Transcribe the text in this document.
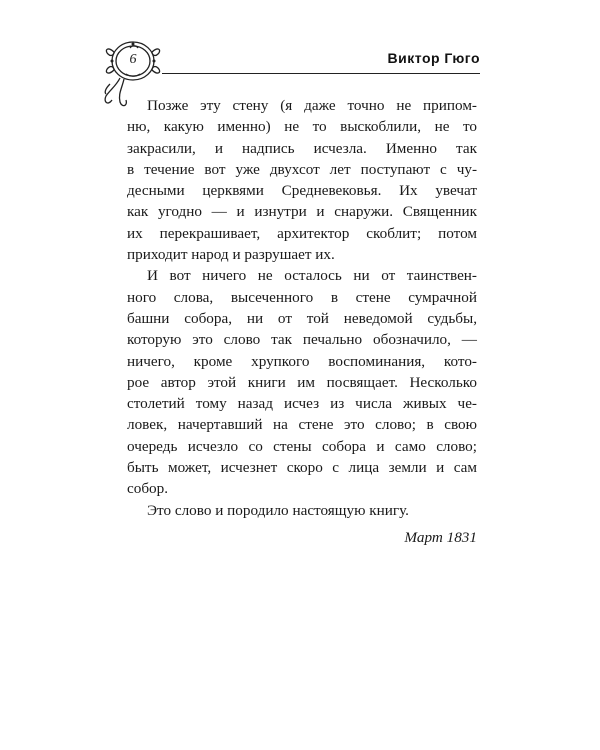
6	Виктор Гюго

Позже эту стену (я даже точно не припом-
ню, какую именно) не то выскоблили, не то
закрасили, и надпись исчезла. Именно так
в течение вот уже двухсот лет поступают с чу-
десными церквями Средневековья. Их увечат
как угодно — и изнутри и снаружи. Священник
их перекрашивает, архитектор скоблит; потом
приходит народ и разрушает их.

И вот ничего не осталось ни от таинствен-
ного слова, высеченного в стене сумрачной
башни собора, ни от той неведомой судьбы,
которую это слово так печально обозначило, —
ничего, кроме хрупкого воспоминания, кото-
рое автор этой книги им посвящает. Несколько
столетий тому назад исчез из числа живых че-
ловек, начертавший на стене это слово; в свою
очередь исчезло со стены собора и само слово;
быть может, исчезнет скоро с лица земли и сам
собор.

Это слово и породило настоящую книгу.

Март 1831
